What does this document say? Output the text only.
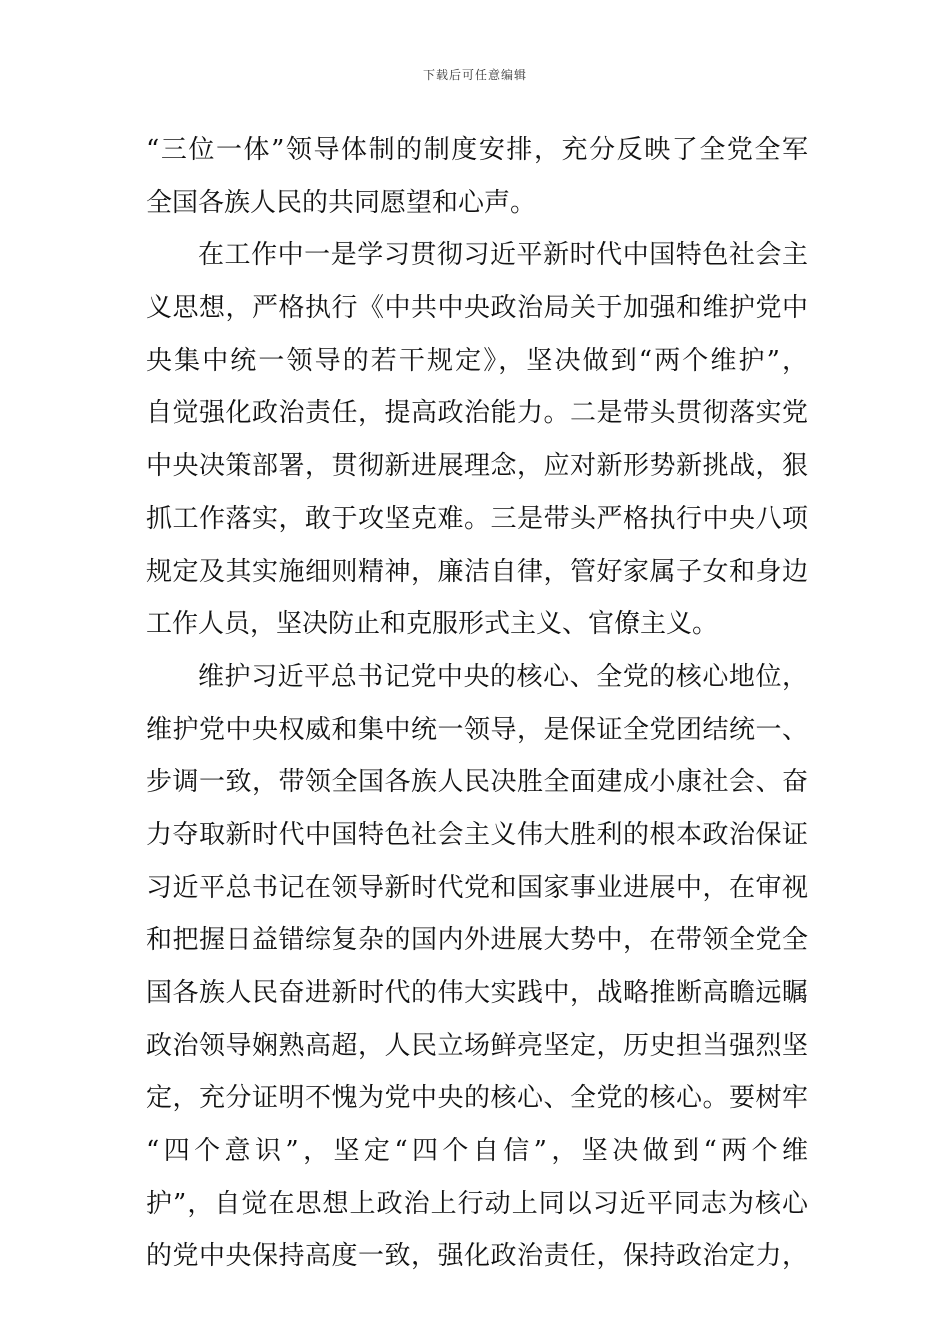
下载后可任意编辑
“三位一体”领导体制的制度安排，充分反映了全党全军
全国各族人民的共同愿望和心声。
在工作中一是学习贯彻习近平新时代中国特色社会主
义思想，严格执行《中共中央政治局关于加强和维护党中
央集中统一领导的若干规定》，坚决做到“两个维护”，
自觉强化政治责任，提高政治能力。二是带头贯彻落实党
中央决策部署，贯彻新进展理念，应对新形势新挑战，狠
抓工作落实，敢于攻坚克难。三是带头严格执行中央八项
规定及其实施细则精神，廉洁自律，管好家属子女和身边
工作人员，坚决防止和克服形式主义、官僚主义。
维护习近平总书记党中央的核心、全党的核心地位，
维护党中央权威和集中统一领导，是保证全党团结统一、
步调一致，带领全国各族人民决胜全面建成小康社会、奋
力夺取新时代中国特色社会主义伟大胜利的根本政治保证
习近平总书记在领导新时代党和国家事业进展中，在审视
和把握日益错综复杂的国内外进展大势中，在带领全党全
国各族人民奋进新时代的伟大实践中，战略推断高瞻远瞩
政治领导娴熟高超，人民立场鲜亮坚定，历史担当强烈坚
定，充分证明不愧为党中央的核心、全党的核心。要树牢
“四个意识”，坚定“四个自信”，坚决做到“两个维
护”，自觉在思想上政治上行动上同以习近平同志为核心
的党中央保持高度一致，强化政治责任，保持政治定力，
